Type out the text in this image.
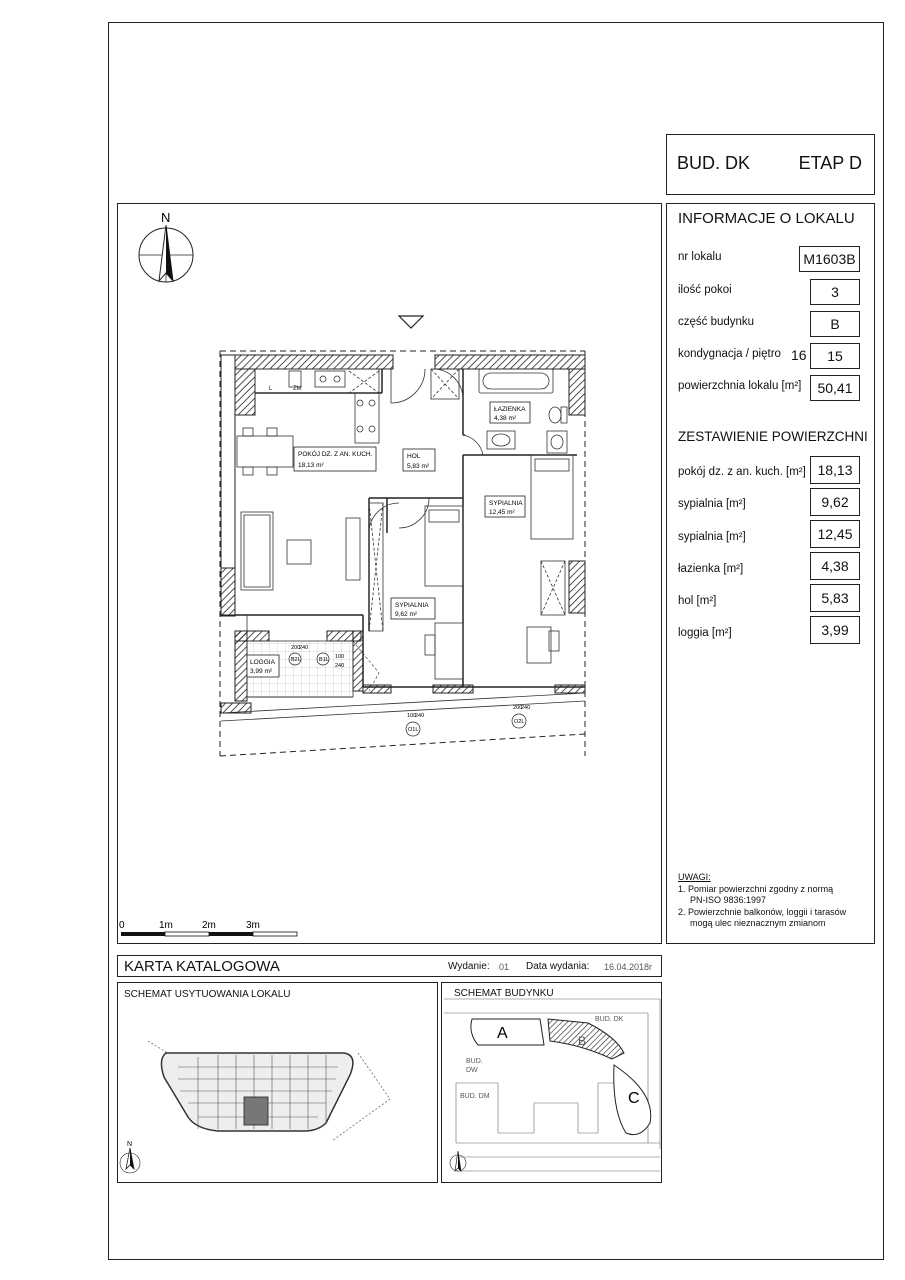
BUD. DK	ETAP D
INFORMACJE O LOKALU
nr lokalu	M1603B
ilość pokoi	3
część budynku	B
kondygnacja / piętro 16	15
powierzchnia lokalu [m²]	50,41
ZESTAWIENIE POWIERZCHNI
pokój dz. z an. kuch. [m²] 18,13
sypialnia [m²]	9,62
sypialnia [m²]	12,45
łazienka [m²]	4,38
hol [m²]	5,83
loggia [m²]	3,99
UWAGI:
1. Pomiar powierzchni zgodny z normą
PN-ISO 9836:1997
2. Powierzchnie balkonów, loggii i tarasów
mogą ulec nieznacznym zmianom
N
L	ZM
POKÓJ DZ. Z AN. KUCH.
18,13 m²
HOL
5,83 m²
ŁAZIENKA
4,38 m²
SYPIALNIA
12,45 m²
SYPIALNIA
9,62 m²
LOGGIA
3,99 m²
B2L
200
240
B1L 100
240
O1L
100
240
O2L
200
240
0	1m	2m	3m
KARTA KATALOGOWA	Wydanie: 01 Data wydania: 16.04.2018r
SCHEMAT USYTUOWANIA LOKALU
N
SCHEMAT BUDYNKU
A	B
C
BUD. DK
BUD.
DW
BUD. DM
